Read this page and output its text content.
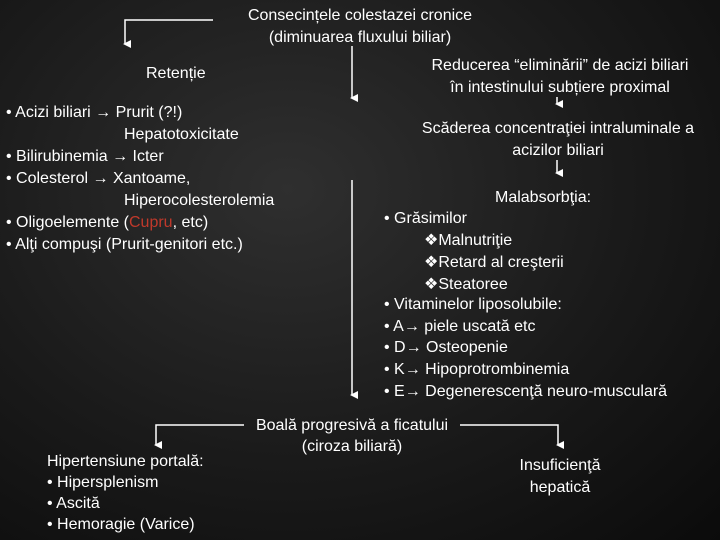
Consecințele colestazei cronice
(diminuarea fluxului biliar)
Retenție
• Acizi biliari → Prurit (?!)
Hepatotoxicitate
• Bilirubinemia → Icter
• Colesterol → Xantoame,
Hiperocolesterolemia
• Oligoelemente (Cupru, etc)
• Alţi compuşi (Prurit-genitori etc.)
Reducerea “eliminării” de acizi biliari
în intestinului subțiere proximal
Scăderea concentraţiei intraluminale a
acizilor biliari
Malabsorbţia:
• Grăsimilor
❖Malnutriţie
❖Retard al creşterii
❖Steatoree
• Vitaminelor liposolubile:
• A→ piele uscată etc
• D→ Osteopenie
• K→ Hipoprotrombinemia
• E→ Degenerescenţă neuro-musculară
Boală progresivă a ficatului
(ciroza biliară)
Hipertensiune portală:
• Hipersplenism
• Ascită
• Hemoragie (Varice)
Insuficienţă
hepatică
